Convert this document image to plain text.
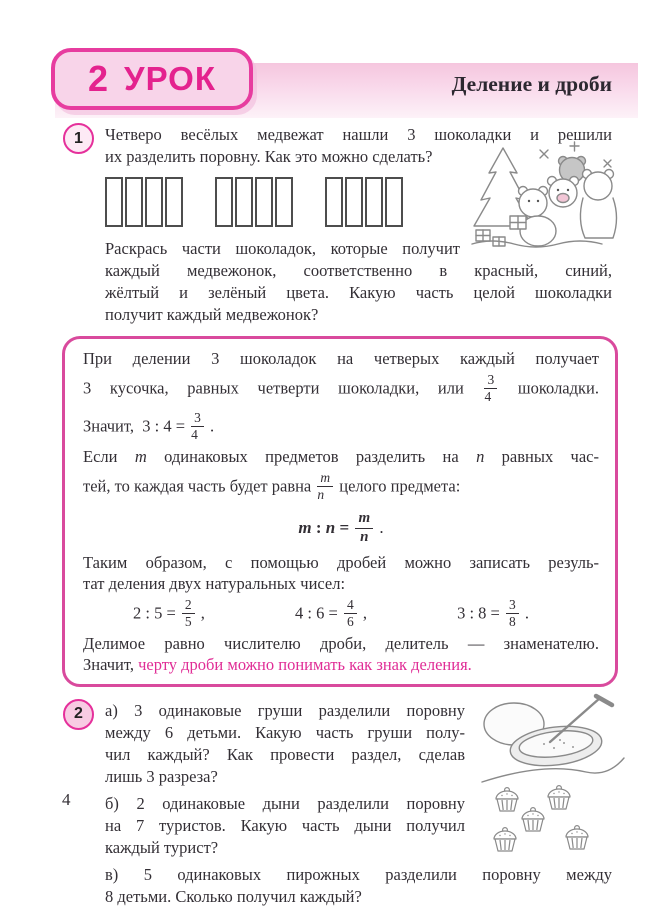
2 УРОК	Деление и дроби
1	Четверо весёлых медвежат нашли 3 шоколадки и решили
их разделить поровну. Как это можно сделать?
Раскрась части шоколадок, которые получит
каждый медвежонок, соответственно в красный, синий,
жёлтый и зелёный цвета. Какую часть целой шоколадки
получит каждый медвежонок?
При делении 3 шоколадок на четверых каждый получает
3 кусочка, равных четверти шоколадки, или $\frac{3}{4}$ шоколадки.
Значит,  3 : $4 = \frac{3}{4}$ .
Если m одинаковых предметов разделить на n равных час-
тей, то каждая часть будет равна $\frac{m}{n}$ целого предмета:
m : $n = \frac{m}{n}$ .
Таким образом, с помощью дробей можно записать резуль-
тат деления двух натуральных чисел:
2 : $5 = \frac{2}{5}$ ,	4 : $6 = \frac{4}{6}$ ,	3 : $8 = \frac{3}{8}$ .
Делимое равно числителю дроби, делитель — знаменателю.
Значит, черту дроби можно понимать как знак деления.
2	а) 3 одинаковые груши разделили поровну
между 6 детьми. Какую часть груши полу-
чил каждый? Как провести раздел, сделав
лишь 3 разреза?
б) 2 одинаковые дыни разделили поровну
на 7 туристов. Какую часть дыни получил
каждый турист?
в) 5 одинаковых пирожных разделили поровну между
8 детьми. Сколько получил каждый?
4
